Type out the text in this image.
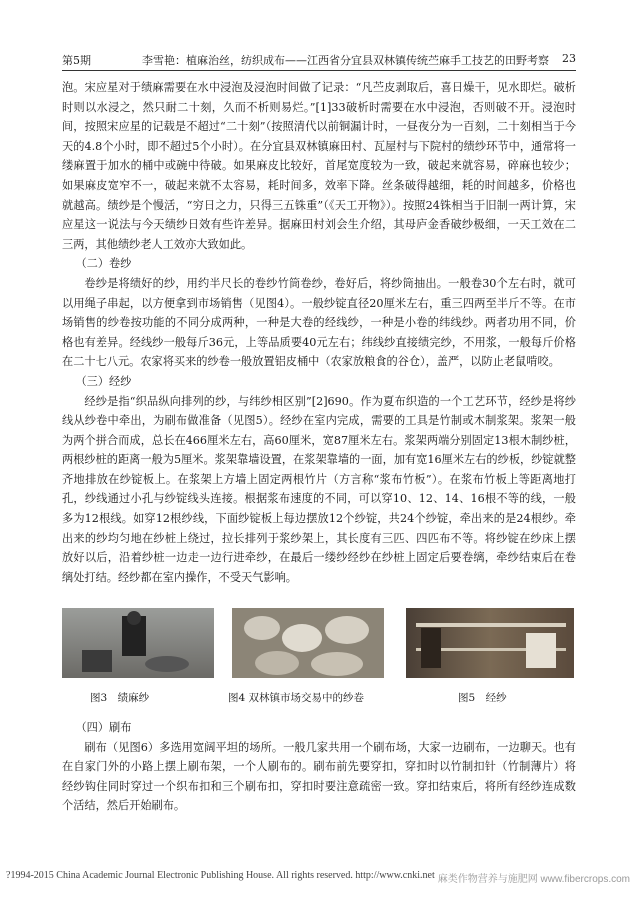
第5期	李雪艳：植麻治丝，纺织成布——江西省分宜县双林镇传统苎麻手工技艺的田野考察 23

泡。宋应星对于绩麻需要在水中浸泡及浸泡时间做了记录：“凡苎皮剥取后，喜日燥干，见水即烂。破析时则以水浸之，然只耐二十刻，久而不析则易烂。”[1]33破析时需要在水中浸泡，否则破不开。浸泡时间，按照宋应星的记载是不超过“二十刻”（按照清代以前铜漏计时，一昼夜分为一百刻，二十刻相当于今天的4.8个小时，即不超过5个小时）。在分宜县双林镇麻田村、瓦屋村与下院村的绩纱环节中，通常将一缕麻置于加水的桶中或碗中待破。如果麻皮比较好，首尾宽度较为一致，破起来就容易，碎麻也较少；如果麻皮宽窄不一，破起来就不太容易，耗时间多，效率下降。丝条破得越细，耗的时间越多，价格也就越高。绩纱是个慢活，“穷日之力，只得三五铢重”（《天工开物》）。按照24铢相当于旧制一两计算，宋应星这一说法与今天绩纱日效有些许差异。据麻田村刘会生介绍，其母庐金香破纱极细，一天工效在二三两，其他绩纱老人工效亦大致如此。

（二）卷纱

卷纱是将绩好的纱，用约半尺长的卷纱竹筒卷纱，卷好后，将纱筒抽出。一般卷30个左右时，就可以用绳子串起，以方便拿到市场销售（见图4）。一般纱锭直径20厘米左右，重三四两至半斤不等。在市场销售的纱卷按功能的不同分成两种，一种是大卷的经线纱，一种是小卷的纬线纱。两者功用不同，价格也有差异。经线纱一般每斤36元，上等品质要40元左右；纬线纱直接绩完纱，不用浆，一般每斤价格在二十七八元。农家将买来的纱卷一般放置铝皮桶中（农家放粮食的谷仓），盖严，以防止老鼠啃咬。

（三）经纱

经纱是指“织品纵向排列的纱，与纬纱相区别”[2]690。作为夏布织造的一个工艺环节，经纱是将纱线从纱卷中牵出，为刷布做准备（见图5）。经纱在室内完成，需要的工具是竹制或木制浆架。浆架一般为两个拼合而成，总长在466厘米左右，高60厘米，宽87厘米左右。浆架两端分别固定13根木制纱桩，两根纱桩的距离一般为5厘米。浆架靠墙设置，在浆架靠墙的一面，加有宽16厘米左右的纱板，纱锭就整齐地排放在纱锭板上。在浆架上方墙上固定两根竹片（方言称“浆布竹板”）。在浆布竹板上等距离地打孔，纱线通过小孔与纱锭线头连接。根据浆布速度的不同，可以穿10、12、14、16根不等的线，一般多为12根线。如穿12根纱线，下面纱锭板上每边摆放12个纱锭，共24个纱锭，牵出来的是24根纱。牵出来的纱均匀地在纱桩上绕过，拉长排列于浆纱架上，其长度有三匹、四匹布不等。将纱锭在纱床上摆放好以后，沿着纱桩一边走一边行进牵纱，在最后一缕纱经纱在纱桩上固定后要卷缡，牵纱结束后在卷缡处打结。经纱都在室内操作，不受天气影响。

图3　绩麻纱	图4 双林镇市场交易中的纱卷	图5　经纱
（四）刷布

刷布（见图6）多选用宽阔平坦的场所。一般几家共用一个刷布场，大家一边刷布，一边聊天。也有在自家门外的小路上摆上刷布架，一个人刷布的。刷布前先要穿扣，穿扣时以竹制扣针（竹制薄片）将经纱钩住同时穿过一个织布扣和三个刷布扣，穿扣时要注意疏密一致。穿扣结束后，将所有经纱连成数个活结，然后开始刷布。

?1994-2015 China Academic Journal Electronic Publishing House. All rights reserved. http://www.cnki.net 麻类作物营养与施肥网 www.fibercrops.com
